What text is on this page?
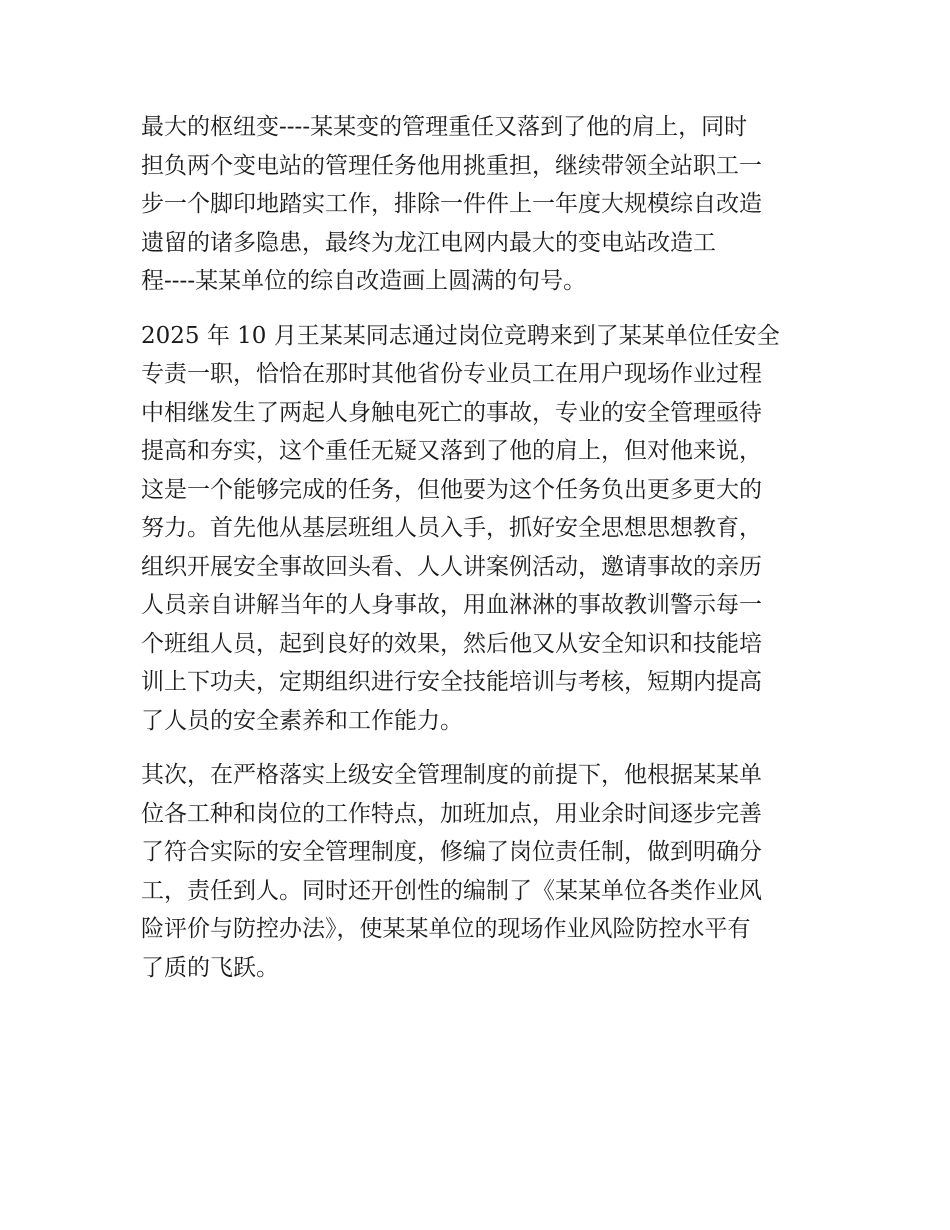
最大的枢纽变----某某变的管理重任又落到了他的肩上，同时
担负两个变电站的管理任务他用挑重担，继续带领全站职工一
步一个脚印地踏实工作，排除一件件上一年度大规模综自改造
遗留的诸多隐患，最终为龙江电网内最大的变电站改造工
程----某某单位的综自改造画上圆满的句号。

2025 年 10 月王某某同志通过岗位竞聘来到了某某单位任安全
专责一职，恰恰在那时其他省份专业员工在用户现场作业过程
中相继发生了两起人身触电死亡的事故，专业的安全管理亟待
提高和夯实，这个重任无疑又落到了他的肩上，但对他来说，
这是一个能够完成的任务，但他要为这个任务负出更多更大的
努力。首先他从基层班组人员入手，抓好安全思想思想教育，
组织开展安全事故回头看、人人讲案例活动，邀请事故的亲历
人员亲自讲解当年的人身事故，用血淋淋的事故教训警示每一
个班组人员，起到良好的效果，然后他又从安全知识和技能培
训上下功夫，定期组织进行安全技能培训与考核，短期内提高
了人员的安全素养和工作能力。

其次，在严格落实上级安全管理制度的前提下，他根据某某单
位各工种和岗位的工作特点，加班加点，用业余时间逐步完善
了符合实际的安全管理制度，修编了岗位责任制，做到明确分
工，责任到人。同时还开创性的编制了《某某单位各类作业风
险评价与防控办法》，使某某单位的现场作业风险防控水平有
了质的飞跃。
